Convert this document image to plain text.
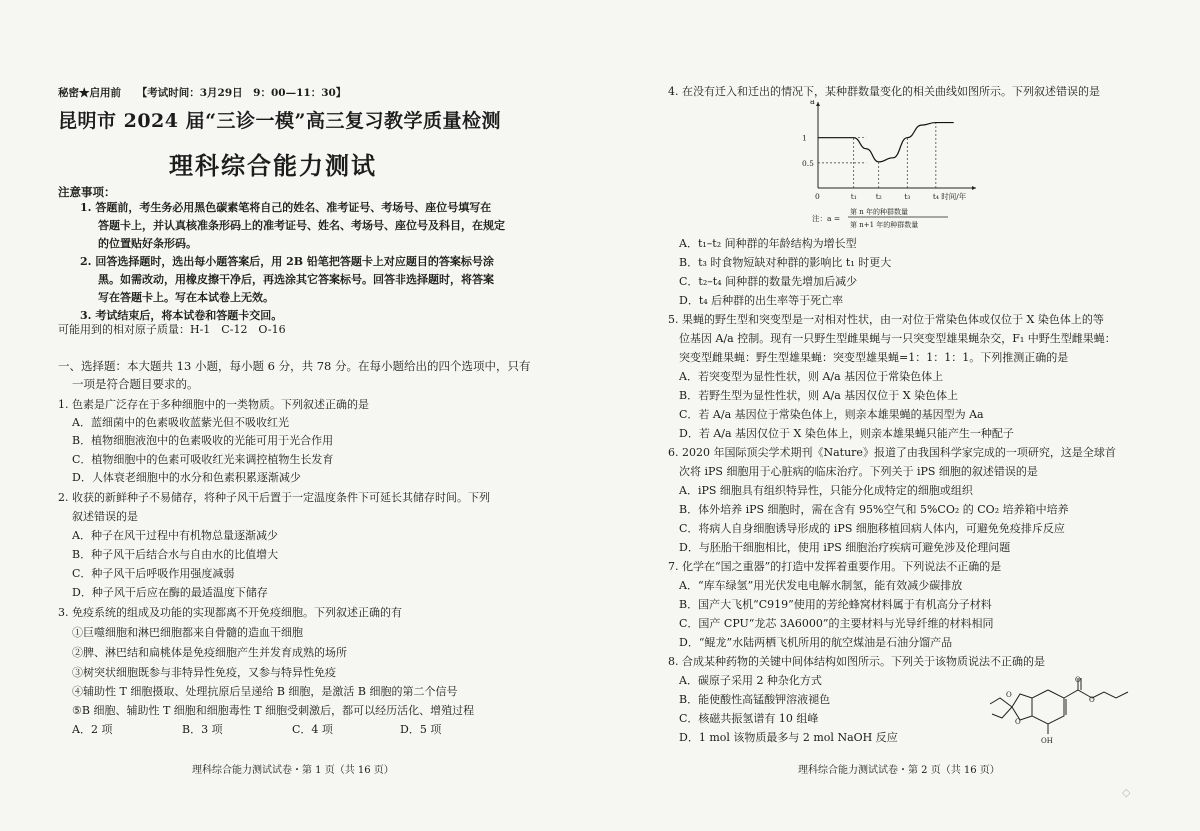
秘密★启用前　　【考试时间：3月29日　9：00—11：30】
昆明市 2024 届“三诊一模”高三复习教学质量检测
理科综合能力测试
注意事项：
1. 答题前，考生务必用黑色碳素笔将自己的姓名、准考证号、考场号、座位号填写在
答题卡上，并认真核准条形码上的准考证号、姓名、考场号、座位号及科目，在规定
的位置贴好条形码。
2. 回答选择题时，选出每小题答案后，用 2B 铅笔把答题卡上对应题目的答案标号涂
黑。如需改动，用橡皮擦干净后，再选涂其它答案标号。回答非选择题时，将答案
写在答题卡上。写在本试卷上无效。
3. 考试结束后，将本试卷和答题卡交回。
可能用到的相对原子质量：H-1　C-12　O-16
一、选择题：本大题共 13 小题，每小题 6 分，共 78 分。在每小题给出的四个选项中，只有
一项是符合题目要求的。
1. 色素是广泛存在于多种细胞中的一类物质。下列叙述正确的是
A．蓝细菌中的色素吸收蓝紫光但不吸收红光
B．植物细胞液泡中的色素吸收的光能可用于光合作用
C．植物细胞中的色素可吸收红光来调控植物生长发育
D．人体衰老细胞中的水分和色素积累逐渐减少
2. 收获的新鲜种子不易储存，将种子风干后置于一定温度条件下可延长其储存时间。下列
叙述错误的是
A．种子在风干过程中有机物总量逐渐减少
B．种子风干后结合水与自由水的比值增大
C．种子风干后呼吸作用强度减弱
D．种子风干后应在酶的最适温度下储存
3. 免疫系统的组成及功能的实现都离不开免疫细胞。下列叙述正确的有
①巨噬细胞和淋巴细胞都来自骨髓的造血干细胞
②脾、淋巴结和扁桃体是免疫细胞产生并发育成熟的场所
③树突状细胞既参与非特异性免疫，又参与特异性免疫
④辅助性 T 细胞摄取、处理抗原后呈递给 B 细胞，是激活 B 细胞的第二个信号
⑤B 细胞、辅助性 T 细胞和细胞毒性 T 细胞受刺激后，都可以经历活化、增殖过程
A．2 项	B．3 项	C．4 项	D．5 项
理科综合能力测试试卷・第 1 页（共 16 页）
4. 在没有迁入和迁出的情况下，某种群数量变化的相关曲线如图所示。下列叙述错误的是
a
0.5
1
0	t₁	t₂	t₃	t₄ 时间/年
注：a =
第 n 年的种群数量
第 n+1 年的种群数量
A．t₁–t₂ 间种群的年龄结构为增长型
B．t₃ 时食物短缺对种群的影响比 t₁ 时更大
C．t₂–t₄ 间种群的数量先增加后减少
D．t₄ 后种群的出生率等于死亡率
5. 果蝇的野生型和突变型是一对相对性状，由一对位于常染色体或仅位于 X 染色体上的等
位基因 A/a 控制。现有一只野生型雌果蝇与一只突变型雄果蝇杂交，F₁ 中野生型雌果蝇：
突变型雌果蝇：野生型雄果蝇：突变型雄果蝇=1：1：1：1。下列推测正确的是
A．若突变型为显性性状，则 A/a 基因位于常染色体上
B．若野生型为显性性状，则 A/a 基因仅位于 X 染色体上
C．若 A/a 基因位于常染色体上，则亲本雄果蝇的基因型为 Aa
D．若 A/a 基因仅位于 X 染色体上，则亲本雄果蝇只能产生一种配子
6. 2020 年国际顶尖学术期刊《Nature》报道了由我国科学家完成的一项研究，这是全球首
次将 iPS 细胞用于心脏病的临床治疗。下列关于 iPS 细胞的叙述错误的是
A．iPS 细胞具有组织特异性，只能分化成特定的细胞或组织
B．体外培养 iPS 细胞时，需在含有 95%空气和 5%CO₂ 的 CO₂ 培养箱中培养
C．将病人自身细胞诱导形成的 iPS 细胞移植回病人体内，可避免免疫排斥反应
D．与胚胎干细胞相比，使用 iPS 细胞治疗疾病可避免涉及伦理问题
7. 化学在“国之重器”的打造中发挥着重要作用。下列说法不正确的是
A．“库车绿氢”用光伏发电电解水制氢，能有效减少碳排放
B．国产大飞机“C919”使用的芳纶蜂窝材料属于有机高分子材料
C．国产 CPU“龙芯 3A6000”的主要材料与光导纤维的材料相同
D．“鲲龙”水陆两栖飞机所用的航空煤油是石油分馏产品
8. 合成某种药物的关键中间体结构如图所示。下列关于该物质说法不正确的是
A．碳原子采用 2 种杂化方式
B．能使酸性高锰酸钾溶液褪色
C．核磁共振氢谱有 10 组峰
D．1 mol 该物质最多与 2 mol NaOH 反应
O
O
O
O
OH
理科综合能力测试试卷・第 2 页（共 16 页）
◇
